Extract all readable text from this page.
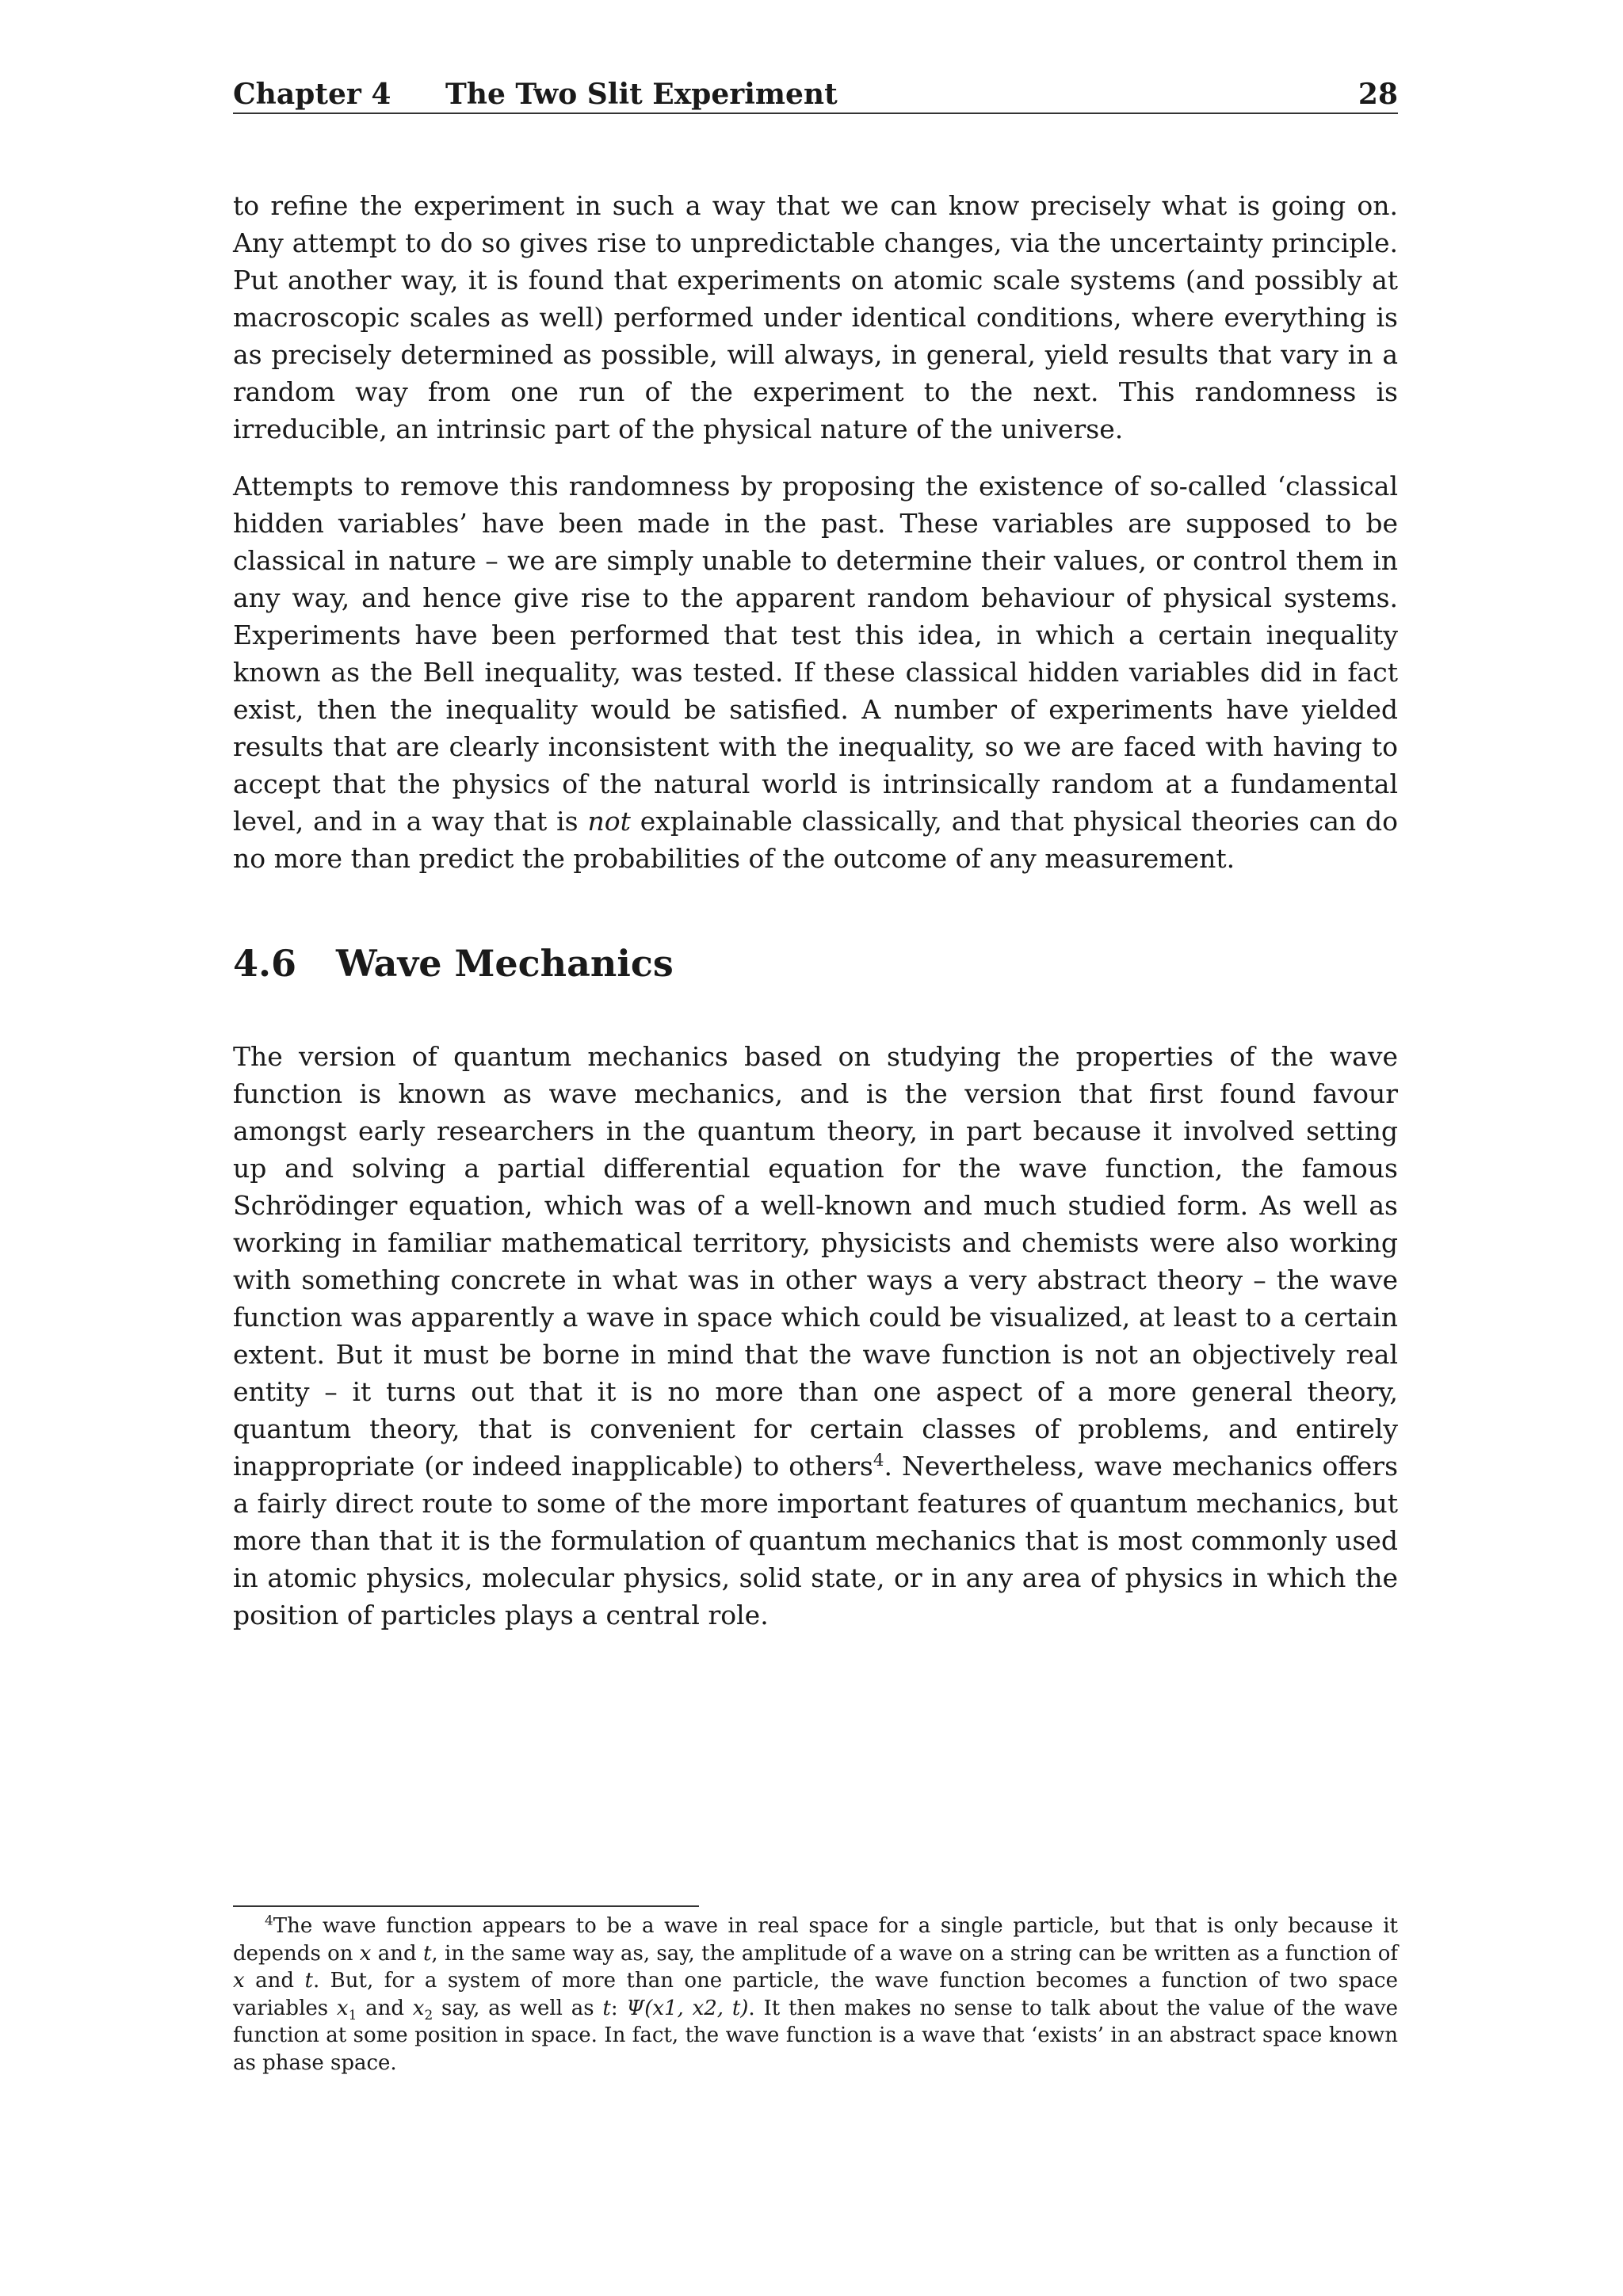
Chapter 4 The Two Slit Experiment	28

to refine the experiment in such a way that we can know precisely what is going on. Any attempt to do so gives rise to unpredictable changes, via the uncertainty principle. Put another way, it is found that experiments on atomic scale systems (and possibly at macroscopic scales as well) performed under identical conditions, where everything is as precisely determined as possible, will always, in general, yield results that vary in a random way from one run of the experiment to the next. This randomness is irreducible, an intrinsic part of the physical nature of the universe.

Attempts to remove this randomness by proposing the existence of so-called ‘classical hidden variables’ have been made in the past. These variables are supposed to be classical in nature – we are simply unable to determine their values, or control them in any way, and hence give rise to the apparent random behaviour of physical systems. Experiments have been performed that test this idea, in which a certain inequality known as the Bell inequality, was tested. If these classical hidden variables did in fact exist, then the inequality would be satisfied. A number of experiments have yielded results that are clearly inconsistent with the inequality, so we are faced with having to accept that the physics of the natural world is intrinsically random at a fundamental level, and in a way that is not explainable classically, and that physical theories can do no more than predict the probabilities of the outcome of any measurement.

4.6 Wave Mechanics

The version of quantum mechanics based on studying the properties of the wave function is known as wave mechanics, and is the version that first found favour amongst early researchers in the quantum theory, in part because it involved setting up and solving a partial differential equation for the wave function, the famous Schrödinger equation, which was of a well-known and much studied form. As well as working in familiar mathematical territory, physicists and chemists were also working with something concrete in what was in other ways a very abstract theory – the wave function was apparently a wave in space which could be visualized, at least to a certain extent. But it must be borne in mind that the wave function is not an objectively real entity – it turns out that it is no more than one aspect of a more general theory, quantum theory, that is convenient for certain classes of problems, and entirely inappropriate (or indeed inapplicable) to others$^4$. Nevertheless, wave mechanics offers a fairly direct route to some of the more important features of quantum mechanics, but more than that it is the formulation of quantum mechanics that is most commonly used in atomic physics, molecular physics, solid state, or in any area of physics in which the position of particles plays a central role.

$^4$The wave function appears to be a wave in real space for a single particle, but that is only because it depends on x and t, in the same way as, say, the amplitude of a wave on a string can be written as a function of x and t. But, for a system of more than one particle, the wave function becomes a function of two space variables $x_1$ and $x_2$ say, as well as t: Ψ(x1, x2, t). It then makes no sense to talk about the value of the wave function at some position in space. In fact, the wave function is a wave that ‘exists’ in an abstract space known as phase space.
